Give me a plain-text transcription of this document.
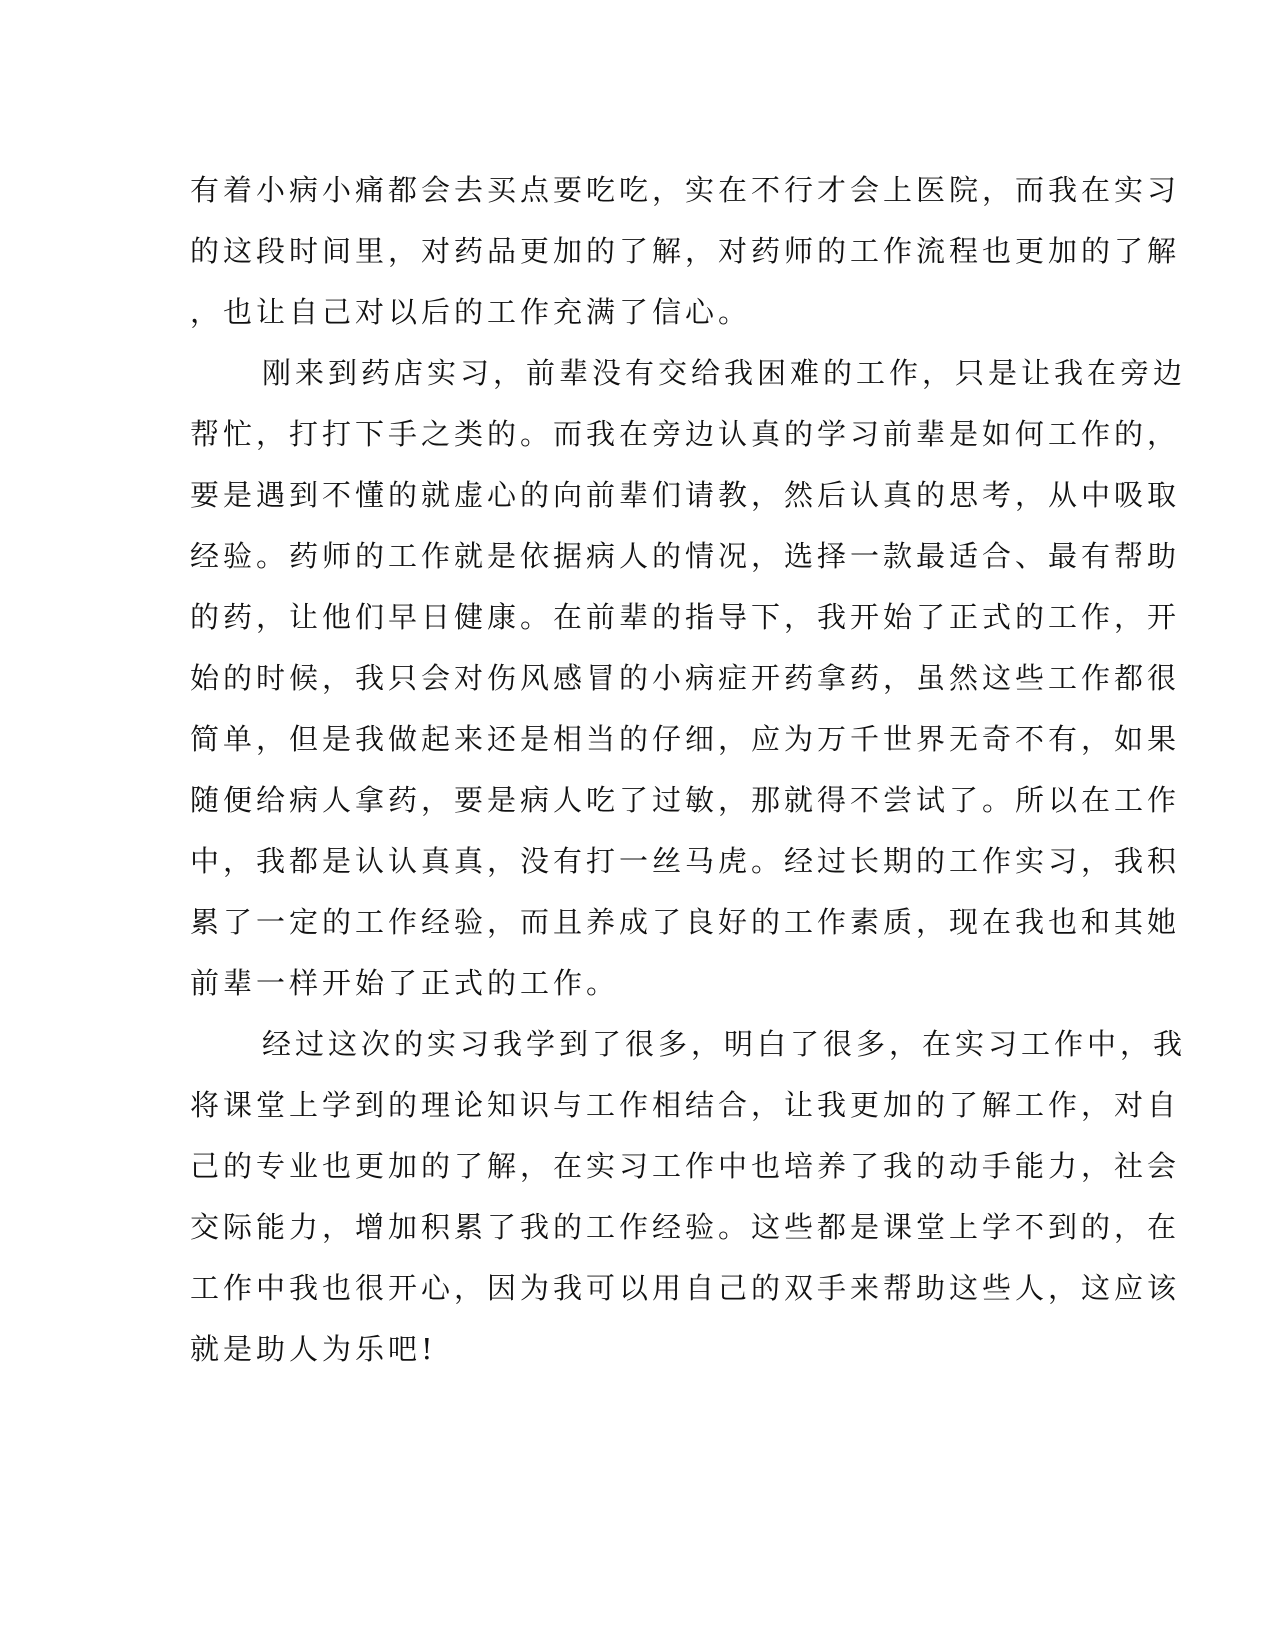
有着小病小痛都会去买点要吃吃，实在不行才会上医院，而我在实习
的这段时间里，对药品更加的了解，对药师的工作流程也更加的了解
，也让自己对以后的工作充满了信心。
刚来到药店实习，前辈没有交给我困难的工作，只是让我在旁边
帮忙，打打下手之类的。而我在旁边认真的学习前辈是如何工作的，
要是遇到不懂的就虚心的向前辈们请教，然后认真的思考，从中吸取
经验。药师的工作就是依据病人的情况，选择一款最适合、最有帮助
的药，让他们早日健康。在前辈的指导下，我开始了正式的工作，开
始的时候，我只会对伤风感冒的小病症开药拿药，虽然这些工作都很
简单，但是我做起来还是相当的仔细，应为万千世界无奇不有，如果
随便给病人拿药，要是病人吃了过敏，那就得不尝试了。所以在工作
中，我都是认认真真，没有打一丝马虎。经过长期的工作实习，我积
累了一定的工作经验，而且养成了良好的工作素质，现在我也和其她
前辈一样开始了正式的工作。
经过这次的实习我学到了很多，明白了很多，在实习工作中，我
将课堂上学到的理论知识与工作相结合，让我更加的了解工作，对自
己的专业也更加的了解，在实习工作中也培养了我的动手能力，社会
交际能力，增加积累了我的工作经验。这些都是课堂上学不到的，在
工作中我也很开心，因为我可以用自己的双手来帮助这些人，这应该
就是助人为乐吧!
